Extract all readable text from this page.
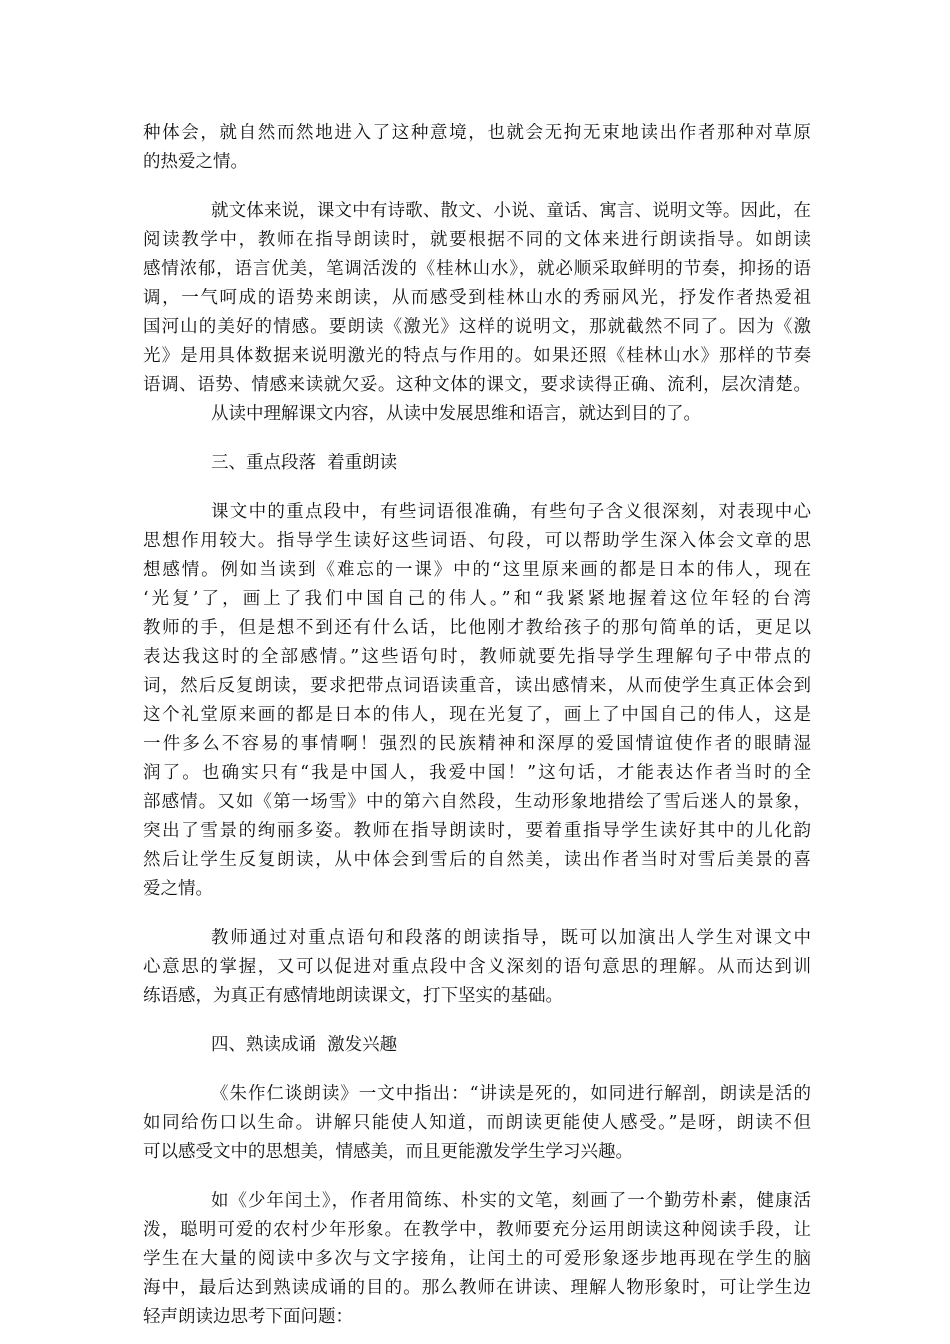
种体会，就自然而然地进入了这种意境，也就会无拘无束地读出作者那种对草原
的热爱之情。
就文体来说，课文中有诗歌、散文、小说、童话、寓言、说明文等。因此，在
阅读教学中，教师在指导朗读时，就要根据不同的文体来进行朗读指导。如朗读
感情浓郁，语言优美，笔调活泼的《桂林山水》，就必顺采取鲜明的节奏，抑扬的语
调，一气呵成的语势来朗读，从而感受到桂林山水的秀丽风光，抒发作者热爱祖
国河山的美好的情感。要朗读《激光》这样的说明文，那就截然不同了。因为《激
光》是用具体数据来说明激光的特点与作用的。如果还照《桂林山水》那样的节奏
语调、语势、情感来读就欠妥。这种文体的课文，要求读得正确、流利，层次清楚。
从读中理解课文内容，从读中发展思维和语言，就达到目的了。
三、重点段落  着重朗读
课文中的重点段中，有些词语很准确，有些句子含义很深刻，对表现中心
思想作用较大。指导学生读好这些词语、句段，可以帮助学生深入体会文章的思
想感情。例如当读到《难忘的一课》中的“这里原来画的都是日本的伟人，现在
‘光复’了，画上了我们中国自己的伟人。”和“我紧紧地握着这位年轻的台湾
教师的手，但是想不到还有什么话，比他刚才教给孩子的那句简单的话，更足以
表达我这时的全部感情。”这些语句时，教师就要先指导学生理解句子中带点的
词，然后反复朗读，要求把带点词语读重音，读出感情来，从而使学生真正体会到
这个礼堂原来画的都是日本的伟人，现在光复了，画上了中国自己的伟人，这是
一件多么不容易的事情啊！强烈的民族精神和深厚的爱国情谊使作者的眼睛湿
润了。也确实只有“我是中国人，我爱中国！”这句话，才能表达作者当时的全
部感情。又如《第一场雪》中的第六自然段，生动形象地措绘了雪后迷人的景象，
突出了雪景的绚丽多姿。教师在指导朗读时，要着重指导学生读好其中的儿化韵
然后让学生反复朗读，从中体会到雪后的自然美，读出作者当时对雪后美景的喜
爱之情。
教师通过对重点语句和段落的朗读指导，既可以加演出人学生对课文中
心意思的掌握，又可以促进对重点段中含义深刻的语句意思的理解。从而达到训
练语感，为真正有感情地朗读课文，打下坚实的基础。
四、熟读成诵  激发兴趣
《朱作仁谈朗读》一文中指出：“讲读是死的，如同进行解剖，朗读是活的
如同给伤口以生命。讲解只能使人知道，而朗读更能使人感受。”是呀，朗读不但
可以感受文中的思想美，情感美，而且更能激发学生学习兴趣。
如《少年闰土》，作者用简练、朴实的文笔，刻画了一个勤劳朴素，健康活
泼，聪明可爱的农村少年形象。在教学中，教师要充分运用朗读这种阅读手段，让
学生在大量的阅读中多次与文字接角，让闰土的可爱形象逐步地再现在学生的脑
海中，最后达到熟读成诵的目的。那么教师在讲读、理解人物形象时，可让学生边
轻声朗读边思考下面问题：
